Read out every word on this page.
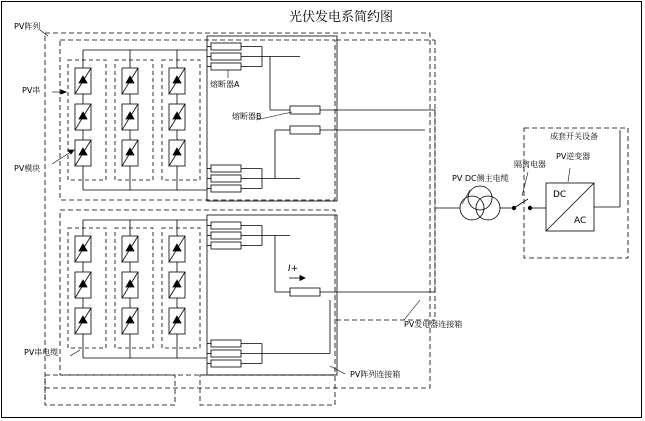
光伏发电系简约图
PV阵列
PV串
PV模块
熔断器A
熔断器B
PV串电缆
PV阵列连接箱
PV发电器连接箱
PV DC侧主电缆
隔离电器
PV逆变器
成套开关设备
I+
DC
AC
